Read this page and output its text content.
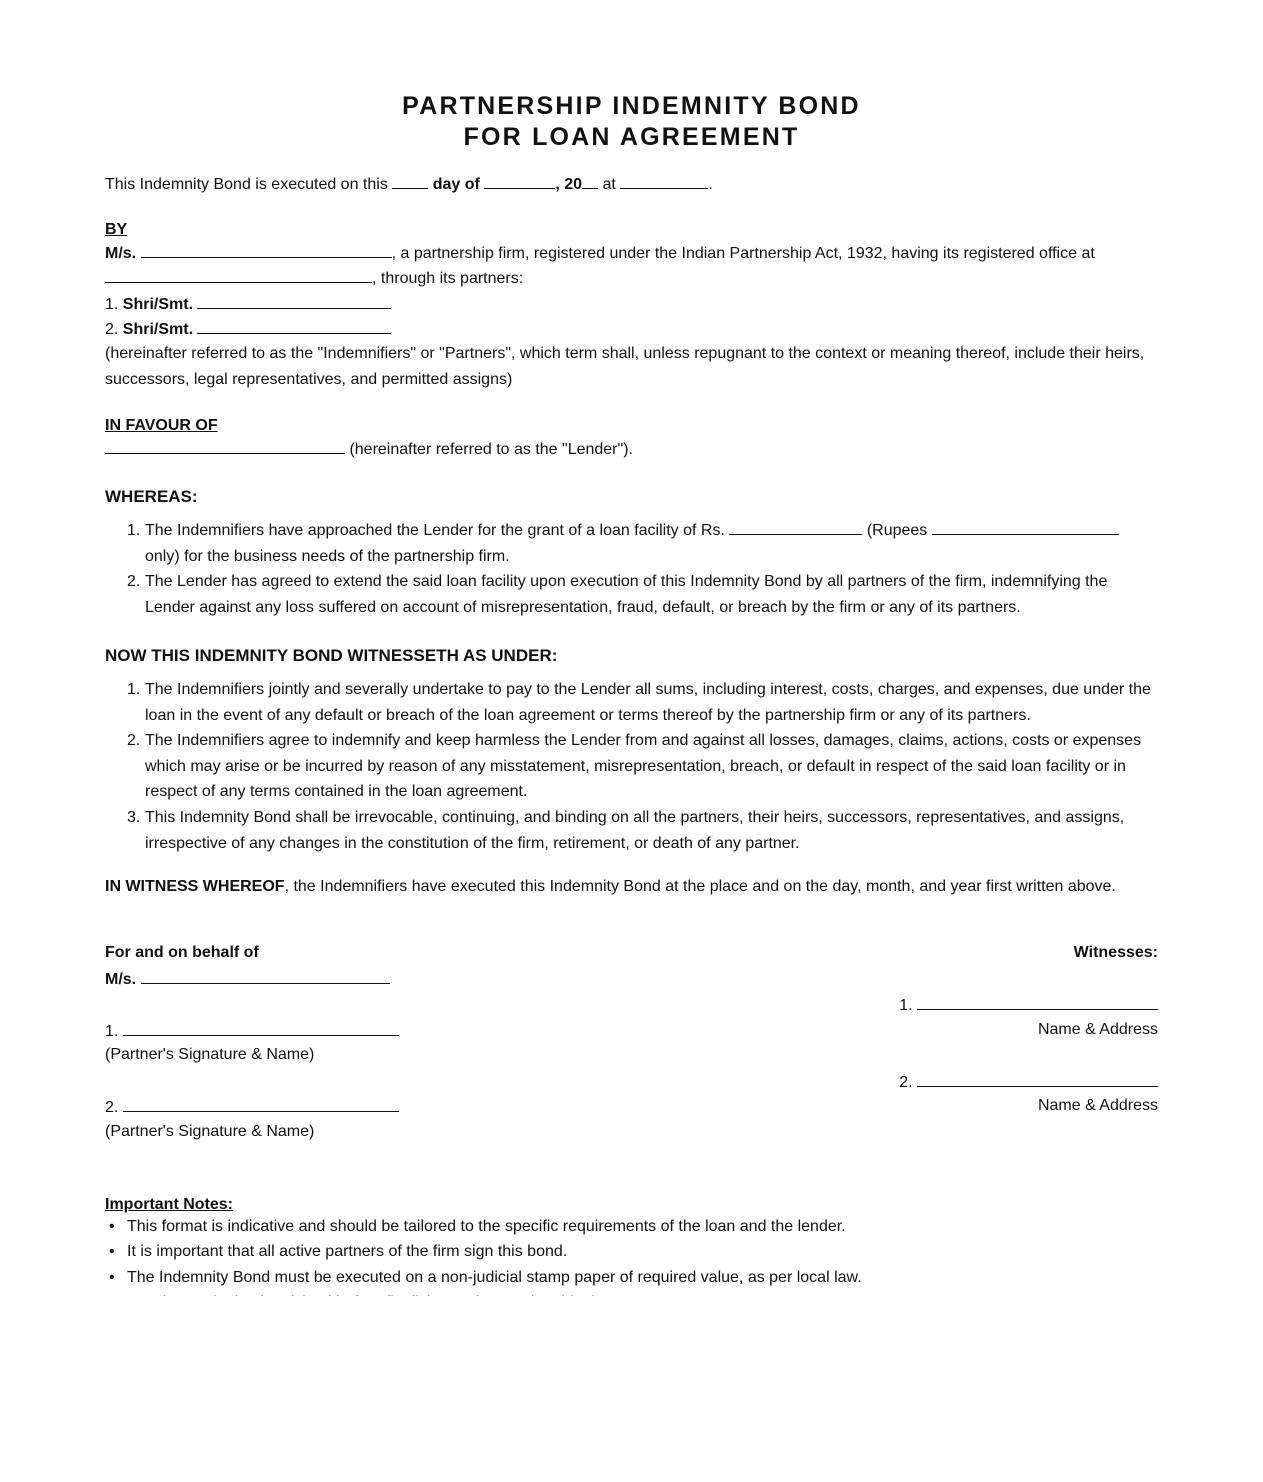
PARTNERSHIP INDEMNITY BOND
FOR LOAN AGREEMENT
This Indemnity Bond is executed on this	day of	, 20 at	.
BY
M/s.	, a partnership firm, registered under the Indian Partnership Act, 1932, having its registered office at
, through its partners:
1. Shri/Smt.
2. Shri/Smt.
(hereinafter referred to as the "Indemnifiers" or "Partners", which term shall, unless repugnant to the context or meaning thereof, include their heirs,
successors, legal representatives, and permitted assigns)
IN FAVOUR OF
(hereinafter referred to as the "Lender").
WHEREAS:
1. The Indemnifiers have approached the Lender for the grant of a loan facility of Rs.	(Rupees
only) for the business needs of the partnership firm.
2. The Lender has agreed to extend the said loan facility upon execution of this Indemnity Bond by all partners of the firm, indemnifying the
Lender against any loss suffered on account of misrepresentation, fraud, default, or breach by the firm or any of its partners.
NOW THIS INDEMNITY BOND WITNESSETH AS UNDER:
1. The Indemnifiers jointly and severally undertake to pay to the Lender all sums, including interest, costs, charges, and expenses, due under the
loan in the event of any default or breach of the loan agreement or terms thereof by the partnership firm or any of its partners.
2. The Indemnifiers agree to indemnify and keep harmless the Lender from and against all losses, damages, claims, actions, costs or expenses
which may arise or be incurred by reason of any misstatement, misrepresentation, breach, or default in respect of the said loan facility or in
respect of any terms contained in the loan agreement.
3. This Indemnity Bond shall be irrevocable, continuing, and binding on all the partners, their heirs, successors, representatives, and assigns,
irrespective of any changes in the constitution of the firm, retirement, or death of any partner.
IN WITNESS WHEREOF, the Indemnifiers have executed this Indemnity Bond at the place and on the day, month, and year first written above.
For and on behalf of
M/s.
1.
(Partner's Signature & Name)
2.
(Partner's Signature & Name)
Witnesses:
1.
Name & Address
2.
Name & Address
Important Notes:
• This format is indicative and should be tailored to the specific requirements of the loan and the lender.
• It is important that all active partners of the firm sign this bond.
• The Indemnity Bond must be executed on a non-judicial stamp paper of required value, as per local law.
